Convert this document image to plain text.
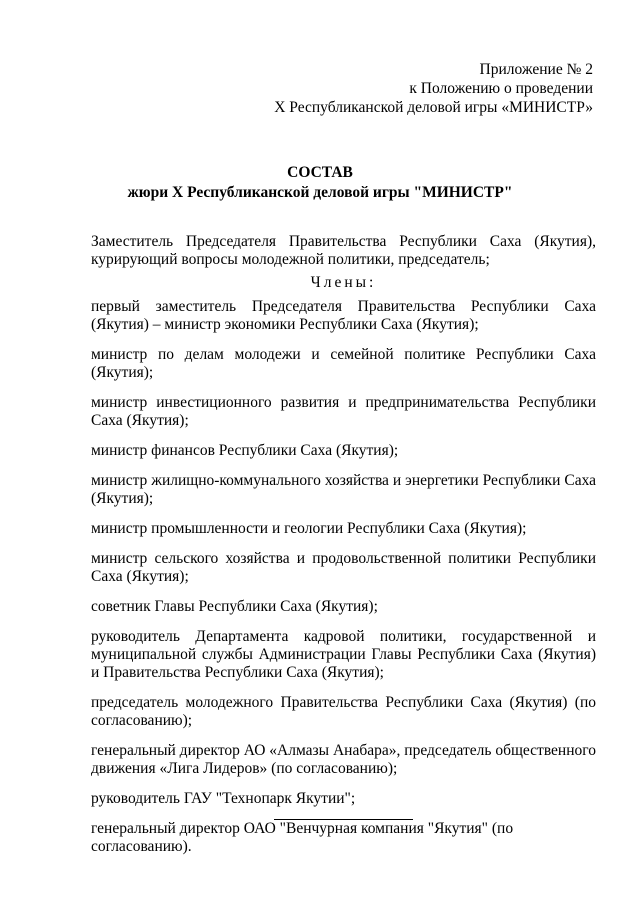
Приложение № 2
к Положению о проведении
X Республиканской деловой игры «МИНИСТР»
СОСТАВ
жюри X Республиканской деловой игры "МИНИСТР"

Заместитель Председателя Правительства Республики Саха (Якутия), курирующий вопросы молодежной политики, председатель;

Члены:

первый заместитель Председателя Правительства Республики Саха (Якутия) – министр экономики Республики Саха (Якутия);

министр по делам молодежи и семейной политике Республики Саха (Якутия);

министр инвестиционного развития и предпринимательства Республики Саха (Якутия);

министр финансов Республики Саха (Якутия);

министр жилищно-коммунального хозяйства и энергетики Республики Саха (Якутия);

министр промышленности и геологии Республики Саха (Якутия);

министр сельского хозяйства и продовольственной политики Республики Саха (Якутия);

советник Главы Республики Саха (Якутия);

руководитель Департамента кадровой политики, государственной и муниципальной службы Администрации Главы Республики Саха (Якутия) и Правительства Республики Саха (Якутия);

председатель молодежного Правительства Республики Саха (Якутия) (по согласованию);

генеральный директор АО «Алмазы Анабара», председатель общественного движения «Лига Лидеров» (по согласованию);

руководитель ГАУ "Технопарк Якутии";

генеральный директор ОАО "Венчурная компания "Якутия" (по согласованию).
